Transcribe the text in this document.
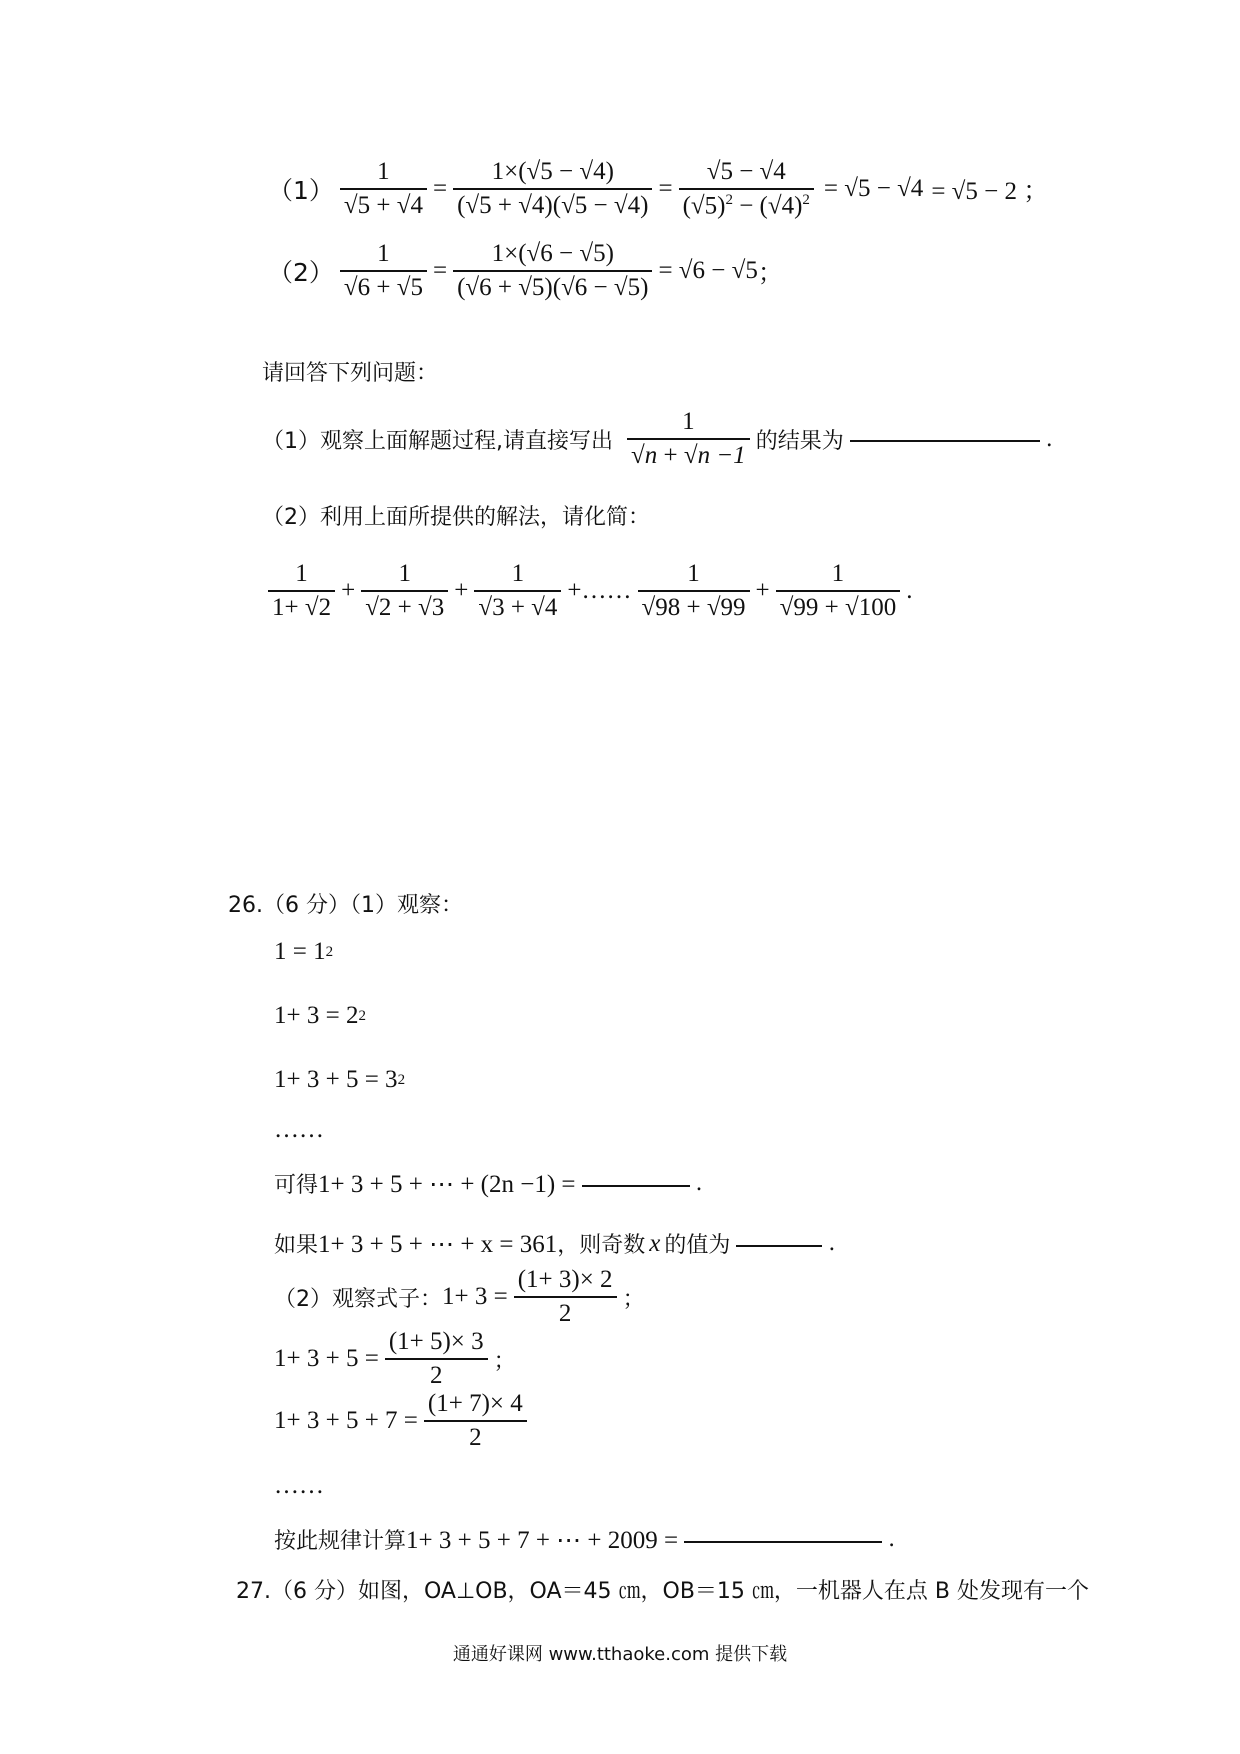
$(1) \frac{1}{√5 + √4} = \frac{1\times(√5 - √4)}{(√5 + √4)(√5 - √4)} = \frac{√5 - √4}{(√5)^2 - (√4)^2} = √5 - √4 = √5 - 2$ ；
$(2) \frac{1}{√6 + √5} = \frac{1\times(√6 - √5)}{(√6 + √5)(√6 - √5)} = √6 - √5$ ；
请回答下列问题：
（1）观察上面解题过程,请直接写出 $\frac{1}{√n + √n -1}$ 的结果为	.
（2）利用上面所提供的解法，请化简：
$\frac{1}{1+ √2} + \frac{1}{√2 + √3} + \frac{1}{√3 + √4}$ +…… $\frac{1}{√98 + √99} + \frac{1}{√99 + √100}$ .
26.（6 分）（1）观察：
1 = 1 2
1+ 3 = 2 2
1+ 3 + 5 = 3 2
……
可得 1+ 3 + 5 + ⋯ + (2n −1) =	.
如果 1+ 3 + 5 + ⋯ + x = 361 ，则奇数 x 的值为	.
（2）观察式子： $1+ 3 = \frac{(1+ 3)\times 2}{2}$ ；
$1+ 3 + 5 = \frac{(1+ 5)\times 3}{2}$ ；
$1+ 3 + 5 + 7 = \frac{(1+ 7)\times 4}{2}$
……
按此规律计算 1+ 3 + 5 + 7 + ⋯ + 2009 =	.
27.（6 分）如图，OA⊥OB，OA＝45 ㎝，OB＝15 ㎝，一机器人在点 B 处发现有一个
通通好课网 www.tthaoke.com 提供下载
